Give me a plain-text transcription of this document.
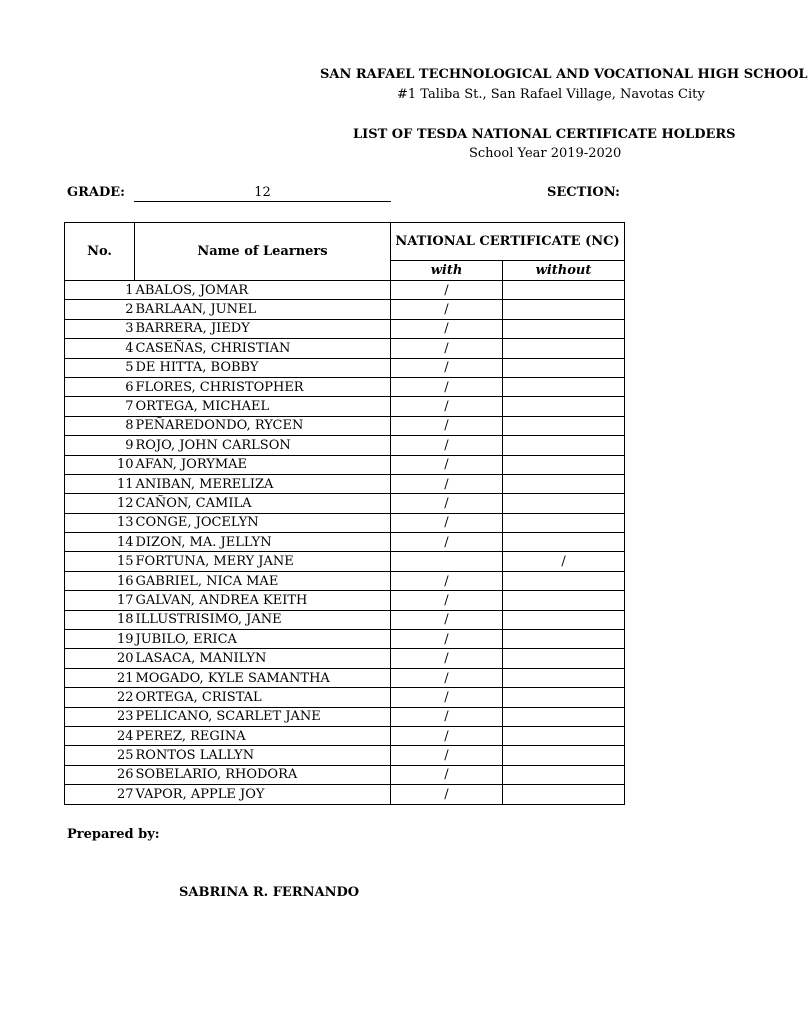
SAN RAFAEL TECHNOLOGICAL AND VOCATIONAL HIGH SCHOOL
#1 Taliba St., San Rafael Village, Navotas City
LIST OF TESDA NATIONAL CERTIFICATE HOLDERS
School Year 2019-2020
GRADE:	12	SECTION:
No.	Name of Learners	NATIONAL CERTIFICATE (NC)	
		with	without
1	ABALOS, JOMAR	/	
2	BARLAAN, JUNEL	/	
3	BARRERA, JIEDY	/	
4	CASEÑAS, CHRISTIAN	/	
5	DE HITTA, BOBBY	/	
6	FLORES, CHRISTOPHER	/	
7	ORTEGA, MICHAEL	/	
8	PEÑAREDONDO, RYCEN	/	
9	ROJO, JOHN CARLSON	/	
10	AFAN, JORYMAE	/	
11	ANIBAN, MERELIZA	/	
12	CAÑON, CAMILA	/	
13	CONGE, JOCELYN	/	
14	DIZON, MA. JELLYN	/	
15	FORTUNA, MERY JANE		/
16	GABRIEL, NICA MAE	/	
17	GALVAN, ANDREA KEITH	/	
18	ILLUSTRISIMO, JANE	/	
19	JUBILO, ERICA	/	
20	LASACA, MANILYN	/	
21	MOGADO, KYLE SAMANTHA	/	
22	ORTEGA, CRISTAL	/	
23	PELICANO, SCARLET JANE	/	
24	PEREZ, REGINA	/	
25	RONTOS LALLYN	/	
26	SOBELARIO, RHODORA	/	
27	VAPOR, APPLE JOY	/	
Prepared by:
SABRINA R. FERNANDO
